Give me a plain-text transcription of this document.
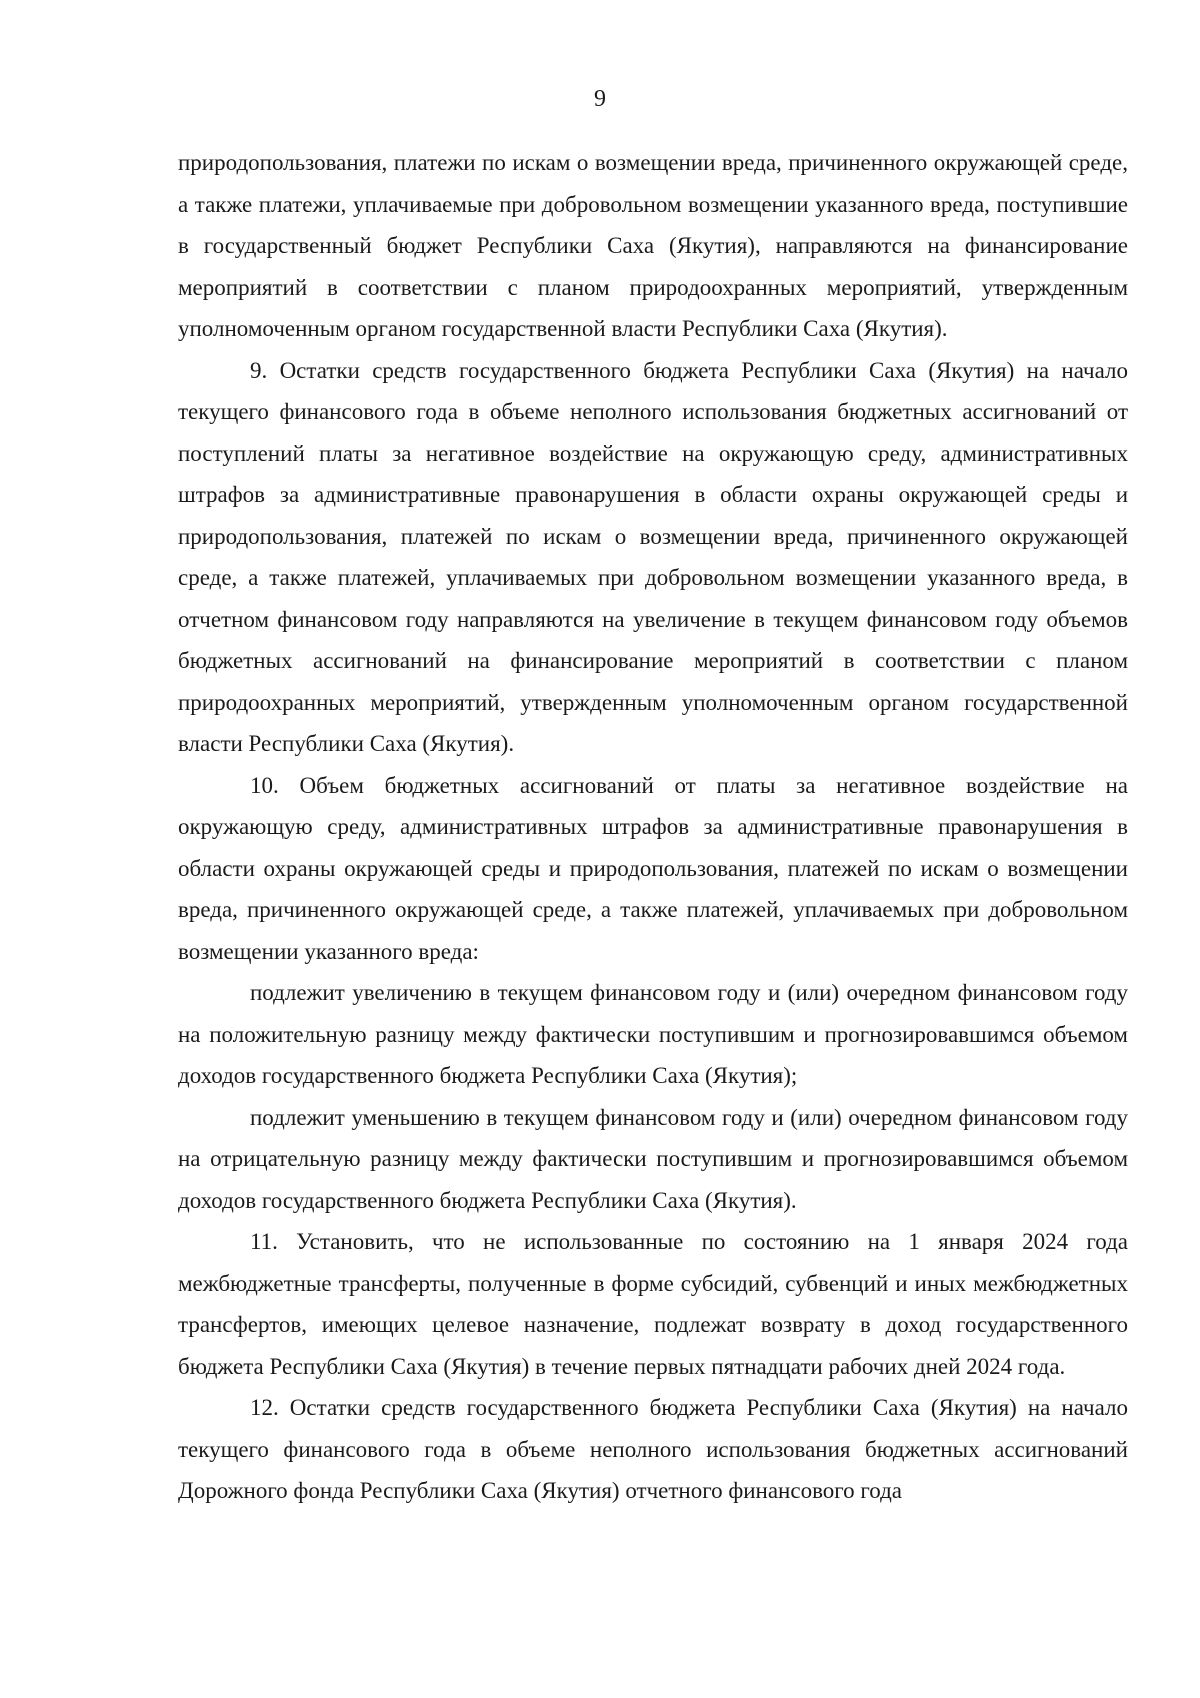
9

природопользования, платежи по искам о возмещении вреда, причиненного окружающей среде, а также платежи, уплачиваемые при добровольном возмещении указанного вреда, поступившие в государственный бюджет Республики Саха (Якутия), направляются на финансирование мероприятий в соответствии с планом природоохранных мероприятий, утвержденным уполномоченным органом государственной власти Республики Саха (Якутия).

9. Остатки средств государственного бюджета Республики Саха (Якутия) на начало текущего финансового года в объеме неполного использования бюджетных ассигнований от поступлений платы за негативное воздействие на окружающую среду, административных штрафов за административные правонарушения в области охраны окружающей среды и природопользования, платежей по искам о возмещении вреда, причиненного окружающей среде, а также платежей, уплачиваемых при добровольном возмещении указанного вреда, в отчетном финансовом году направляются на увеличение в текущем финансовом году объемов бюджетных ассигнований на финансирование мероприятий в соответствии с планом природоохранных мероприятий, утвержденным уполномоченным органом государственной власти Республики Саха (Якутия).

10. Объем бюджетных ассигнований от платы за негативное воздействие на окружающую среду, административных штрафов за административные правонарушения в области охраны окружающей среды и природопользования, платежей по искам о возмещении вреда, причиненного окружающей среде, а также платежей, уплачиваемых при добровольном возмещении указанного вреда:

подлежит увеличению в текущем финансовом году и (или) очередном финансовом году на положительную разницу между фактически поступившим и прогнозировавшимся объемом доходов государственного бюджета Республики Саха (Якутия);

подлежит уменьшению в текущем финансовом году и (или) очередном финансовом году на отрицательную разницу между фактически поступившим и прогнозировавшимся объемом доходов государственного бюджета Республики Саха (Якутия).

11. Установить, что не использованные по состоянию на 1 января 2024 года межбюджетные трансферты, полученные в форме субсидий, субвенций и иных межбюджетных трансфертов, имеющих целевое назначение, подлежат возврату в доход государственного бюджета Республики Саха (Якутия) в течение первых пятнадцати рабочих дней 2024 года.

12. Остатки средств государственного бюджета Республики Саха (Якутия) на начало текущего финансового года в объеме неполного использования бюджетных ассигнований Дорожного фонда Республики Саха (Якутия) отчетного финансового года
